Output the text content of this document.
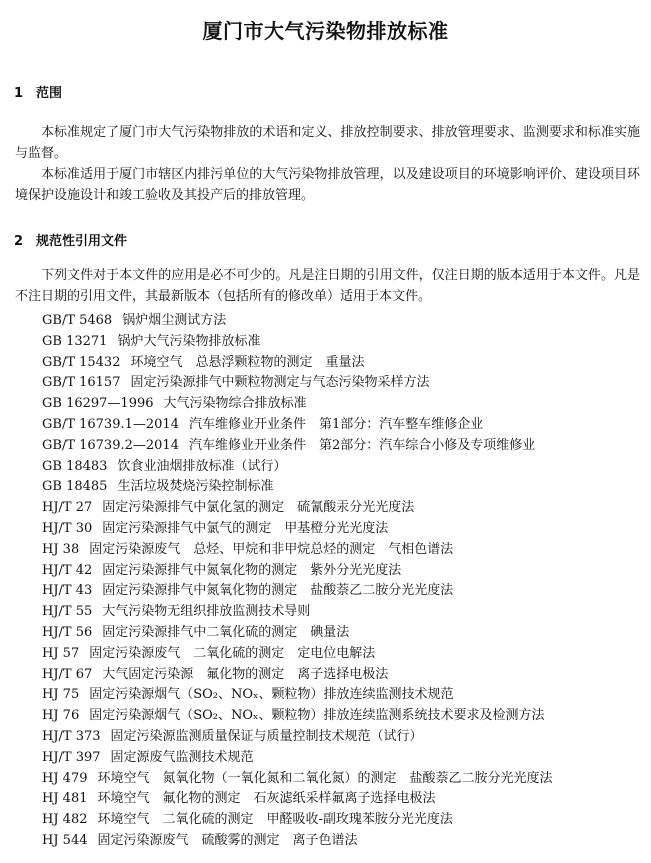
厦门市大气污染物排放标准
1 范围
本标准规定了厦门市大气污染物排放的术语和定义、排放控制要求、排放管理要求、监测要求和标准实施与监督。
本标准适用于厦门市辖区内排污单位的大气污染物排放管理，以及建设项目的环境影响评价、建设项目环境保护设施设计和竣工验收及其投产后的排放管理。
2 规范性引用文件
下列文件对于本文件的应用是必不可少的。凡是注日期的引用文件，仅注日期的版本适用于本文件。凡是不注日期的引用文件，其最新版本（包括所有的修改单）适用于本文件。
GB/T 5468 锅炉烟尘测试方法
GB 13271 锅炉大气污染物排放标准
GB/T 15432 环境空气　总悬浮颗粒物的测定　重量法
GB/T 16157 固定污染源排气中颗粒物测定与气态污染物采样方法
GB 16297—1996 大气污染物综合排放标准
GB/T 16739.1—2014 汽车维修业开业条件　第1部分：汽车整车维修企业
GB/T 16739.2—2014 汽车维修业开业条件　第2部分：汽车综合小修及专项维修业
GB 18483 饮食业油烟排放标准（试行）
GB 18485 生活垃圾焚烧污染控制标准
HJ/T 27 固定污染源排气中氯化氢的测定　硫氰酸汞分光光度法
HJ/T 30 固定污染源排气中氯气的测定　甲基橙分光光度法
HJ 38 固定污染源废气　总烃、甲烷和非甲烷总烃的测定　气相色谱法
HJ/T 42 固定污染源排气中氮氧化物的测定　紫外分光光度法
HJ/T 43 固定污染源排气中氮氧化物的测定　盐酸萘乙二胺分光光度法
HJ/T 55 大气污染物无组织排放监测技术导则
HJ/T 56 固定污染源排气中二氧化硫的测定　碘量法
HJ 57 固定污染源废气　二氧化硫的测定　定电位电解法
HJ/T 67 大气固定污染源　氟化物的测定　离子选择电极法
HJ 75 固定污染源烟气（SO₂、NOₓ、颗粒物）排放连续监测技术规范
HJ 76 固定污染源烟气（SO₂、NOₓ、颗粒物）排放连续监测系统技术要求及检测方法
HJ/T 373 固定污染源监测质量保证与质量控制技术规范（试行）
HJ/T 397 固定源废气监测技术规范
HJ 479 环境空气　氮氧化物（一氧化氮和二氧化氮）的测定　盐酸萘乙二胺分光光度法
HJ 481 环境空气　氟化物的测定　石灰滤纸采样氟离子选择电极法
HJ 482 环境空气　二氧化硫的测定　甲醛吸收-副玫瑰苯胺分光光度法
HJ 544 固定污染源废气　硫酸雾的测定　离子色谱法
